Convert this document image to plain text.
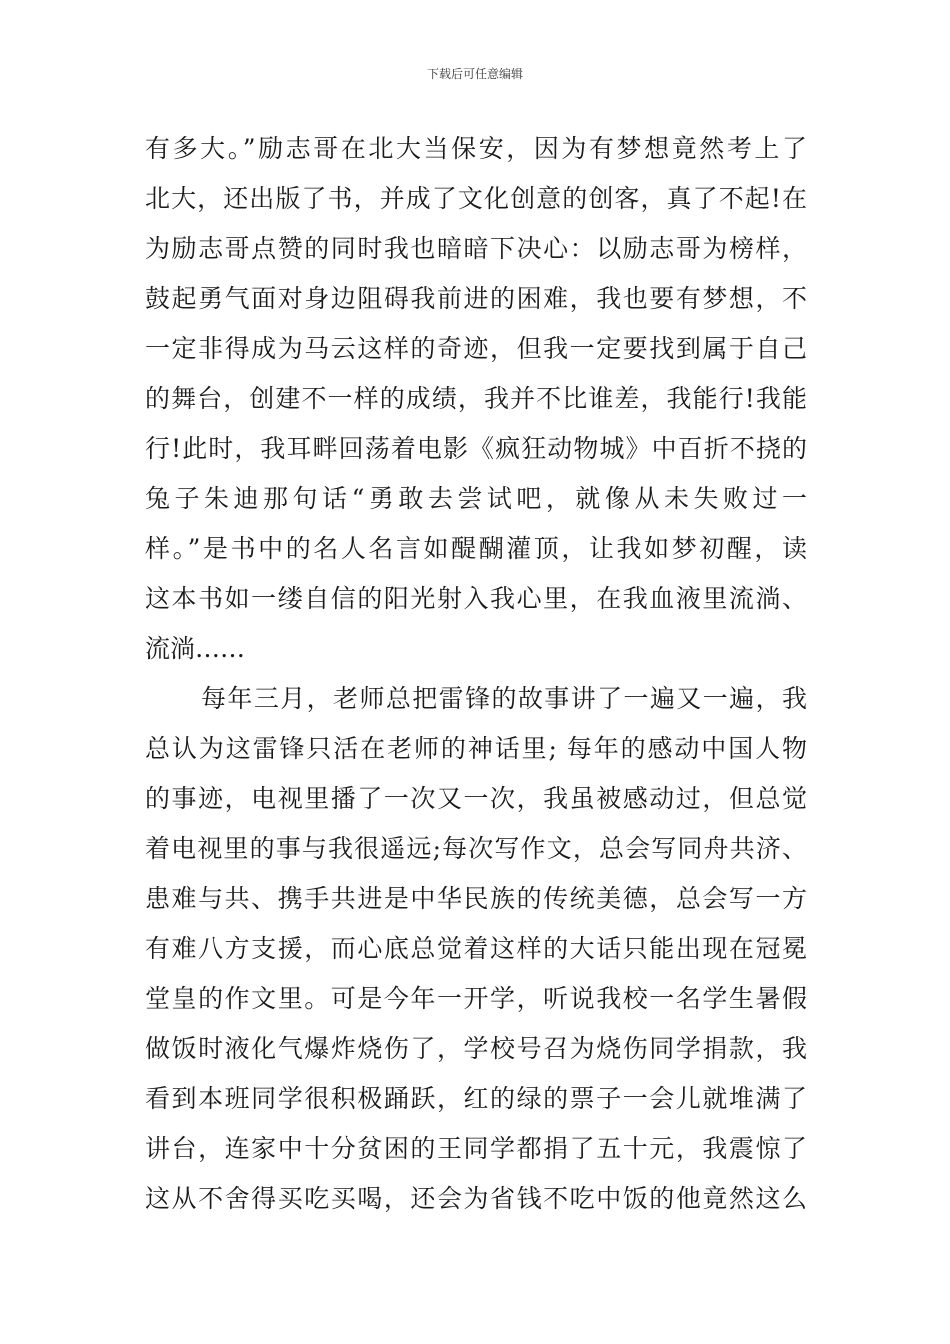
下载后可任意编辑
有多大。”励志哥在北大当保安，因为有梦想竟然考上了
北大，还出版了书，并成了文化创意的创客，真了不起!在
为励志哥点赞的同时我也暗暗下决心：以励志哥为榜样，
鼓起勇气面对身边阻碍我前进的困难，我也要有梦想，不
一定非得成为马云这样的奇迹，但我一定要找到属于自己
的舞台，创建不一样的成绩，我并不比谁差，我能行!我能
行!此时，我耳畔回荡着电影《疯狂动物城》中百折不挠的
兔子朱迪那句话“勇敢去尝试吧，就像从未失败过一
样。”是书中的名人名言如醍醐灌顶，让我如梦初醒，读
这本书如一缕自信的阳光射入我心里，在我血液里流淌、
流淌……
每年三月，老师总把雷锋的故事讲了一遍又一遍，我
总认为这雷锋只活在老师的神话里; 每年的感动中国人物
的事迹，电视里播了一次又一次，我虽被感动过，但总觉
着电视里的事与我很遥远;每次写作文，总会写同舟共济、
患难与共、携手共进是中华民族的传统美德，总会写一方
有难八方支援，而心底总觉着这样的大话只能出现在冠冕
堂皇的作文里。可是今年一开学，听说我校一名学生暑假
做饭时液化气爆炸烧伤了，学校号召为烧伤同学捐款，我
看到本班同学很积极踊跃，红的绿的票子一会儿就堆满了
讲台，连家中十分贫困的王同学都捐了五十元，我震惊了
这从不舍得买吃买喝，还会为省钱不吃中饭的他竟然这么
